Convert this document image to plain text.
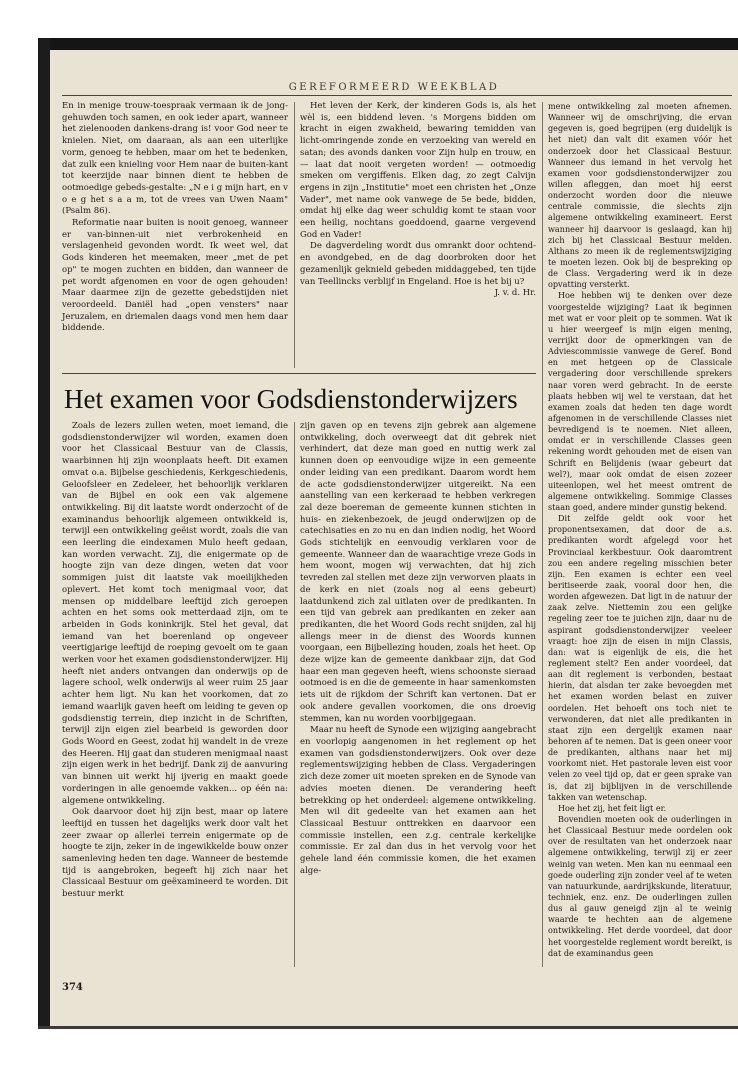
GEREFORMEERD WEEKBLAD

En in menige trouw-toespraak vermaan ik de jong-gehuwden toch samen, en ook ieder apart, wanneer het zielenooden dankens-drang is! voor God neer te knielen. Niet, om daaraan, als aan een uiterlijke vorm, genoeg te hebben, maar om het te bedenken, dat zulk een knieling voor Hem naar de buiten-kant tot keerzijde naar binnen dient te hebben de ootmoedige gebeds-gestalte: „N e i g mijn hart, en v o e g het s a a m, tot de vrees van Uwen Naam" (Psalm 86).

Reformatie naar buiten is nooit genoeg, wanneer er van-binnen-uit niet verbrokenheid en verslagenheid gevonden wordt. Ik weet wel, dat Gods kinderen het meemaken, meer „met de pet op" te mogen zuchten en bidden, dan wanneer de pet wordt afgenomen en voor de ogen gehouden! Maar daarmee zijn de gezette gebedstijden niet veroordeeld. Daniël had „open vensters" naar Jeruzalem, en driemalen daags vond men hem daar biddende.

Het leven der Kerk, der kinderen Gods is, als het wèl is, een biddend leven. 's Morgens bidden om kracht in eigen zwakheid, bewaring temidden van licht-omringende zonde en verzoeking van wereld en satan; des avonds danken voor Zijn hulp en trouw, en — laat dat nooit vergeten worden! — ootmoedig smeken om vergiffenis. Elken dag, zo zegt Calvijn ergens in zijn „Institutie" moet een christen het „Onze Vader", met name ook vanwege de 5e bede, bidden, omdat hij elke dag weer schuldig komt te staan voor een heilig, nochtans goeddoend, gaarne vergevend God en Vader!

De dagverdeling wordt dus omrankt door ochtend- en avondgebed, en de dag doorbroken door het gezamenlijk geknield gebeden middaggebed, ten tijde van Teellincks verblijf in Engeland. Hoe is het bij u?

J. v. d. Hr.
Het examen voor Godsdienstonderwijzers

Zoals de lezers zullen weten, moet iemand, die godsdienstonderwijzer wil worden, examen doen voor het Classicaal Bestuur van de Classis, waarbinnen hij zijn woonplaats heeft. Dit examen omvat o.a. Bijbelse geschiedenis, Kerkgeschiedenis, Geloofsleer en Zedeleer, het behoorlijk verklaren van de Bijbel en ook een vak algemene ontwikkeling. Bij dit laatste wordt onderzocht of de examinandus behoorlijk algemeen ontwikkeld is, terwijl een ontwikkeling geëist wordt, zoals die van een leerling die eindexamen Mulo heeft gedaan, kan worden verwacht. Zij, die enigermate op de hoogte zijn van deze dingen, weten dat voor sommigen juist dit laatste vak moeilijkheden oplevert. Het komt toch menigmaal voor, dat mensen op middelbare leeftijd zich geroepen achten en het soms ook metterdaad zijn, om te arbeiden in Gods koninkrijk. Stel het geval, dat iemand van het boerenland op ongeveer veertigjarige leeftijd de roeping gevoelt om te gaan werken voor het examen godsdienstonderwijzer. Hij heeft niet anders ontvangen dan onderwijs op de lagere school, welk onderwijs al weer ruim 25 jaar achter hem ligt. Nu kan het voorkomen, dat zo iemand waarlijk gaven heeft om leiding te geven op godsdienstig terrein, diep inzicht in de Schriften, terwijl zijn eigen ziel bearbeid is geworden door Gods Woord en Geest, zodat hij wandelt in de vreze des Heeren. Hij gaat dan studeren menigmaal naast zijn eigen werk in het bedrijf. Dank zij de aanvuring van binnen uit werkt hij ijverig en maakt goede vorderingen in alle genoemde vakken... op één na: algemene ontwikkeling.

Ook daarvoor doet hij zijn best, maar op latere leeftijd en tussen het dagelijks werk door valt het zeer zwaar op allerlei terrein enigermate op de hoogte te zijn, zeker in de ingewikkelde bouw onzer samenleving heden ten dage. Wanneer de bestemde tijd is aangebroken, begeeft hij zich naar het Classicaal Bestuur om geëxamineerd te worden. Dit bestuur merkt

zijn gaven op en tevens zijn gebrek aan algemene ontwikkeling, doch overweegt dat dit gebrek niet verhindert, dat deze man goed en nuttig werk zal kunnen doen op eenvoudige wijze in een gemeente onder leiding van een predikant. Daarom wordt hem de acte godsdienstonderwijzer uitgereikt. Na een aanstelling van een kerkeraad te hebben verkregen zal deze boereman de gemeente kunnen stichten in huis- en ziekenbezoek, de jeugd onderwijzen op de catechisaties en zo nu en dan indien nodig, het Woord Gods stichtelijk en eenvoudig verklaren voor de gemeente. Wanneer dan de waarachtige vreze Gods in hem woont, mogen wij verwachten, dat hij zich tevreden zal stellen met deze zijn verworven plaats in de kerk en niet (zoals nog al eens gebeurt) laatdunkend zich zal uitlaten over de predikanten. In een tijd van gebrek aan predikanten en zeker aan predikanten, die het Woord Gods recht snijden, zal hij allengs meer in de dienst des Woords kunnen voorgaan, een Bijbellezing houden, zoals het heet. Op deze wijze kan de gemeente dankbaar zijn, dat God haar een man gegeven heeft, wiens schoonste sieraad ootmoed is en die de gemeente in haar samenkomsten iets uit de rijkdom der Schrift kan vertonen. Dat er ook andere gevallen voorkomen, die ons droevig stemmen, kan nu worden voorbijgegaan.

Maar nu heeft de Synode een wijziging aangebracht en voorlopig aangenomen in het reglement op het examen van godsdienstonderwijzers. Ook over deze reglementswijziging hebben de Class. Vergaderingen zich deze zomer uit moeten spreken en de Synode van advies moeten dienen. De verandering heeft betrekking op het onderdeel: algemene ontwikkeling. Men wil dit gedeelte van het examen aan het Classicaal Bestuur onttrekken en daarvoor een commissie instellen, een z.g. centrale kerkelijke commissie. Er zal dan dus in het vervolg voor het gehele land één commissie komen, die het examen alge-

mene ontwikkeling zal moeten afnemen. Wanneer wij de omschrijving, die ervan gegeven is, goed begrijpen (erg duidelijk is het niet) dan valt dit examen vóór het onderzoek door het Classicaal Bestuur. Wanneer dus iemand in het vervolg het examen voor godsdienstonderwijzer zou willen afleggen, dan moet hij eerst onderzocht worden door die nieuwe centrale commissie, die slechts zijn algemene ontwikkeling examineert. Eerst wanneer hij daarvoor is geslaagd, kan hij zich bij het Classicaal Bestuur melden. Althans zo meen ik de reglementswijziging te moeten lezen. Ook bij de bespreking op de Class. Vergadering werd ik in deze opvatting versterkt.

Hoe hebben wij te denken over deze voorgestelde wijziging? Laat ik beginnen met wat er voor pleit op te sommen. Wat ik u hier weergeef is mijn eigen mening, verrijkt door de opmerkingen van de Adviescommissie vanwege de Geref. Bond en met hetgeen op de Classicale vergadering door verschillende sprekers naar voren werd gebracht. In de eerste plaats hebben wij wel te verstaan, dat het examen zoals dat heden ten dage wordt afgenomen in de verschillende Classes niet bevredigend is te noemen. Niet alleen, omdat er in verschillende Classes geen rekening wordt gehouden met de eisen van Schrift en Belijdenis (waar gebeurt dat wel?), maar ook omdat de eisen zozeer uiteenlopen, wel het meest omtrent de algemene ontwikkeling. Sommige Classes staan goed, andere minder gunstig bekend.

Dit zelfde geldt ook voor het proponentsexamen, dat door de a.s. predikanten wordt afgelegd voor het Provinciaal kerkbestuur. Ook daaromtrent zou een andere regeling misschien beter zijn. Een examen is echter een veel beritiseerde zaak, vooral door hen, die worden afgewezen. Dat ligt in de natuur der zaak zelve. Niettemin zou een gelijke regeling zeer toe te juichen zijn, daar nu de aspirant godsdienstonderwijzer veeleer vraagt: hoe zijn de eisen in mijn Classis, dan: wat is eigenlijk de eis, die het reglement stelt? Een ander voordeel, dat aan dit reglement is verbonden, bestaat hierin, dat alsdan ter zake bevoegden met het examen worden belast en zuiver oordelen. Het behoeft ons toch niet te verwonderen, dat niet alle predikanten in staat zijn een dergelijk examen naar behoren af te nemen. Dat is geen oneer voor de predikanten, althans naar het mij voorkomt niet. Het pastorale leven eist voor velen zo veel tijd op, dat er geen sprake van is, dat zij bijblijven in de verschillende takken van wetenschap.

Hoe het zij, het feit ligt er.

Bovendien moeten ook de ouderlingen in het Classicaal Bestuur mede oordelen ook over de resultaten van het onderzoek naar algemene ontwikkeling, terwijl zij er zeer weinig van weten. Men kan nu eenmaal een goede ouderling zijn zonder veel af te weten van natuurkunde, aardrijkskunde, literatuur, techniek, enz. enz. De ouderlingen zullen dus al gauw geneigd zijn al te weinig waarde te hechten aan de algemene ontwikkeling. Het derde voordeel, dat door het voorgestelde reglement wordt bereikt, is dat de examinandus geen

374
